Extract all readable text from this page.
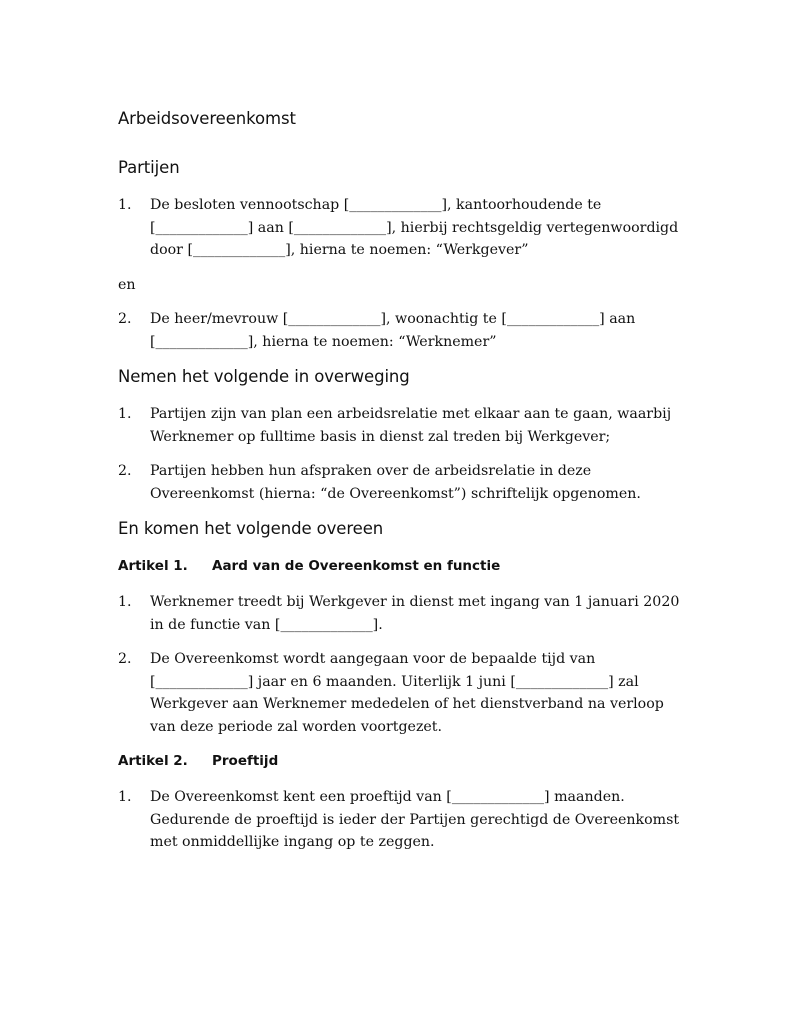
Arbeidsovereenkomst
Partijen
1.	De besloten vennootschap [_____________], kantoorhoudende te [_____________] aan [_____________], hierbij rechtsgeldig vertegenwoordigd door [_____________], hierna te noemen: “Werkgever”

en

2.	De heer/mevrouw [_____________], woonachtig te [_____________] aan [_____________], hierna te noemen: “Werknemer”
Nemen het volgende in overweging
1.	Partijen zijn van plan een arbeidsrelatie met elkaar aan te gaan, waarbij Werknemer op fulltime basis in dienst zal treden bij Werkgever;
2.	Partijen hebben hun afspraken over de arbeidsrelatie in deze Overeenkomst (hierna: “de Overeenkomst”) schriftelijk opgenomen.
En komen het volgende overeen
Artikel 1.	Aard van de Overeenkomst en functie
1.	Werknemer treedt bij Werkgever in dienst met ingang van 1 januari 2020 in de functie van [_____________].
2.	De Overeenkomst wordt aangegaan voor de bepaalde tijd van [_____________] jaar en 6 maanden. Uiterlijk 1 juni [_____________] zal Werkgever aan Werknemer mededelen of het dienstverband na verloop van deze periode zal worden voortgezet.
Artikel 2.	Proeftijd
1.	De Overeenkomst kent een proeftijd van [_____________] maanden. Gedurende de proeftijd is ieder der Partijen gerechtigd de Overeenkomst met onmiddellijke ingang op te zeggen.
